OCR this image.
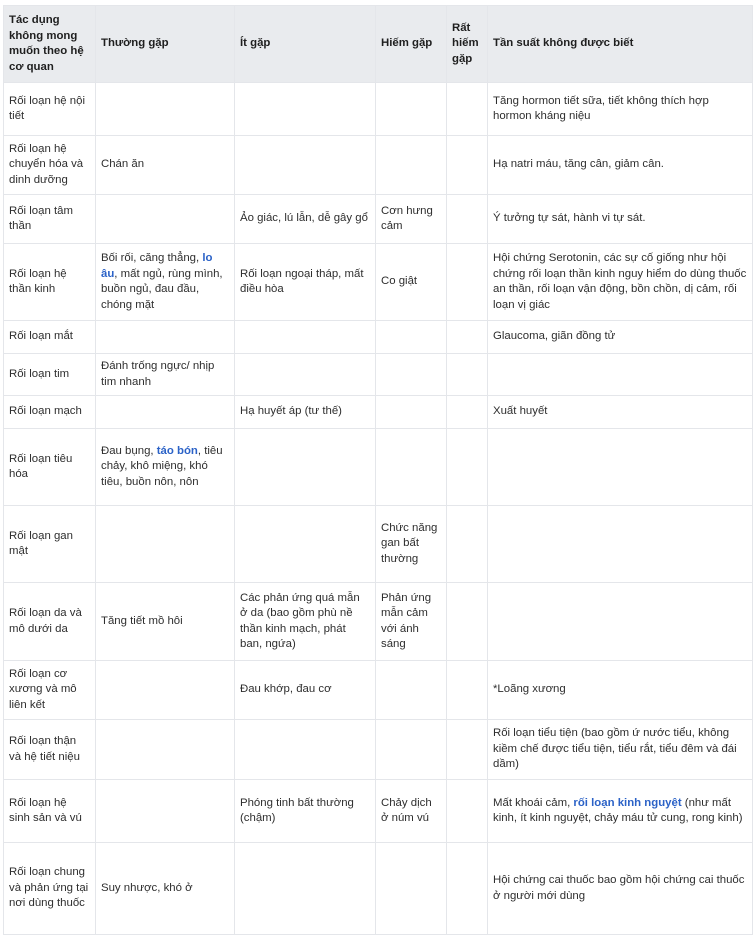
Tác dụng không mong muốn theo hệ cơ quan	Thường gặp	Ít gặp	Hiếm gặp	Rất hiếm gặp	Tần suất không được biết
Rối loạn hệ nội tiết					Tăng hormon tiết sữa, tiết không thích hợp hormon kháng niệu
Rối loạn hệ chuyển hóa và dinh dưỡng	Chán ăn				Hạ natri máu, tăng cân, giảm cân.
Rối loạn tâm thần		Ảo giác, lú lẫn, dễ gây gổ	Cơn hưng cảm		Ý tưởng tự sát, hành vi tự sát.
Rối loạn hệ thần kinh	Bối rối, căng thẳng, lo âu, mất ngủ, rùng mình, buồn ngủ, đau đầu, chóng mặt	Rối loạn ngoại tháp, mất điều hòa	Co giật		Hội chứng Serotonin, các sự cố giống như hội chứng rối loạn thần kinh nguy hiểm do dùng thuốc an thần, rối loạn vận động, bồn chồn, dị cảm, rối loạn vị giác
Rối loạn mắt					Glaucoma, giãn đồng tử
Rối loạn tim	Đánh trống ngực/ nhịp tim nhanh				
Rối loạn mạch		Hạ huyết áp (tư thế)			Xuất huyết
Rối loạn tiêu hóa	Đau bụng, táo bón, tiêu chảy, khô miệng, khó tiêu, buồn nôn, nôn				
Rối loạn gan mật			Chức năng gan bất thường		
Rối loạn da và mô dưới da	Tăng tiết mồ hôi	Các phản ứng quá mẫn ở da (bao gồm phù nề thần kinh mạch, phát ban, ngứa)	Phản ứng mẫn cảm với ánh sáng		
Rối loạn cơ xương và mô liên kết		Đau khớp, đau cơ			*Loãng xương
Rối loạn thận và hệ tiết niệu					Rối loạn tiểu tiện (bao gồm ứ nước tiểu, không kiềm chế được tiểu tiện, tiểu rắt, tiểu đêm và đái dầm)
Rối loạn hệ sinh sản và vú		Phóng tinh bất thường (chậm)	Chảy dịch ở núm vú		Mất khoái cảm, rối loạn kinh nguyệt (như mất kinh, ít kinh nguyệt, chảy máu tử cung, rong kinh)
Rối loạn chung và phản ứng tại nơi dùng thuốc	Suy nhược, khó ở				Hội chứng cai thuốc bao gồm hội chứng cai thuốc ở người mới dùng
